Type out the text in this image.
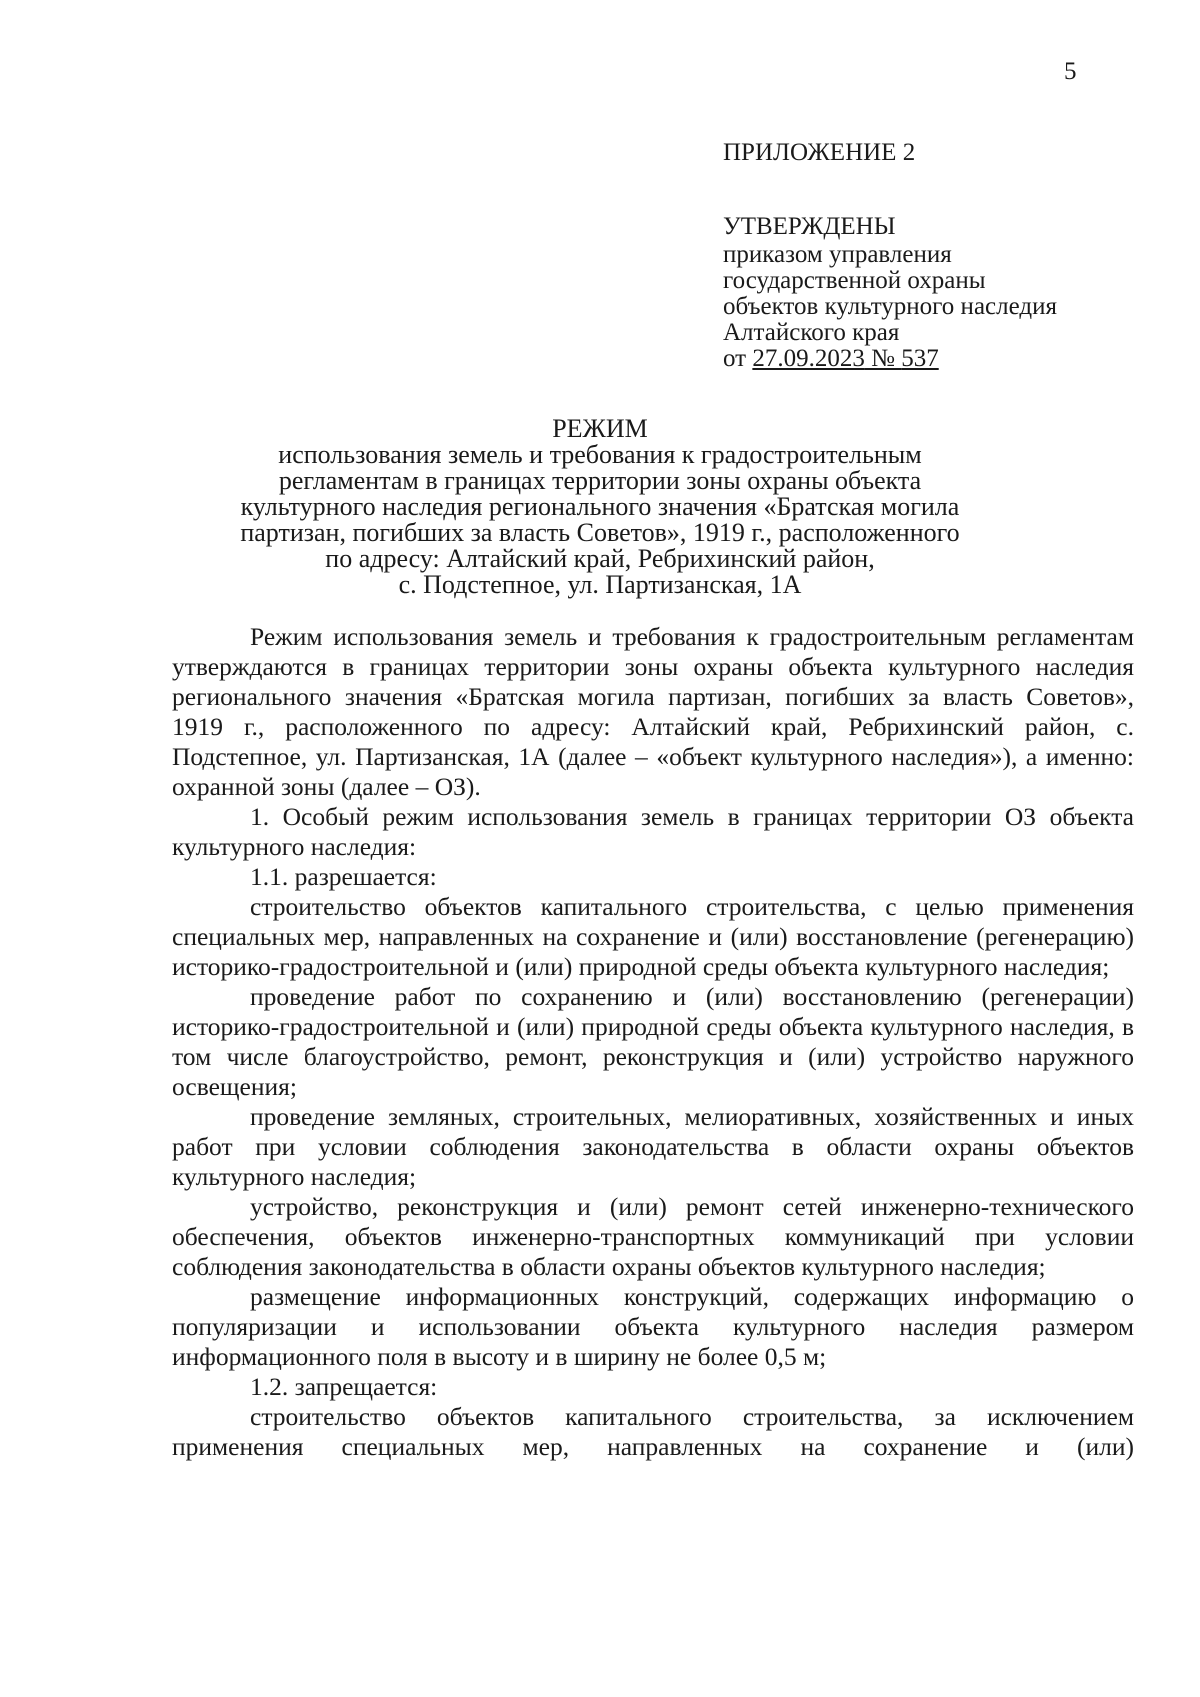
5
ПРИЛОЖЕНИЕ 2
УТВЕРЖДЕНЫ
приказом управления
государственной охраны
объектов культурного наследия
Алтайского края
от 27.09.2023 № 537
РЕЖИМ
использования земель и требования к градостроительным
регламентам в границах территории зоны охраны объекта
культурного наследия регионального значения «Братская могила
партизан, погибших за власть Советов», 1919 г., расположенного
по адресу: Алтайский край, Ребрихинский район,
с. Подстепное, ул. Партизанская, 1А

Режим использования земель и требования к градостроительным регламентам утверждаются в границах территории зоны охраны объекта культурного наследия регионального значения «Братская могила партизан, погибших за власть Советов», 1919 г., расположенного по адресу: Алтайский край, Ребрихинский район, с. Подстепное, ул. Партизанская, 1А (далее – «объект культурного наследия»), а именно: охранной зоны (далее – ОЗ).

1. Особый режим использования земель в границах территории ОЗ объекта культурного наследия:

1.1. разрешается:

строительство объектов капитального строительства, с целью применения специальных мер, направленных на сохранение и (или) восстановление (регенерацию) историко-градостроительной и (или) природной среды объекта культурного наследия;

проведение работ по сохранению и (или) восстановлению (регенерации) историко-градостроительной и (или) природной среды объекта культурного наследия, в том числе благоустройство, ремонт, реконструкция и (или) устройство наружного освещения;

проведение земляных, строительных, мелиоративных, хозяйственных и иных работ при условии соблюдения законодательства в области охраны объектов культурного наследия;

устройство, реконструкция и (или) ремонт сетей инженерно-технического обеспечения, объектов инженерно-транспортных коммуникаций при условии соблюдения законодательства в области охраны объектов культурного наследия;

размещение информационных конструкций, содержащих информацию о популяризации и использовании объекта культурного наследия размером информационного поля в высоту и в ширину не более 0,5 м;

1.2. запрещается:

строительство объектов капитального строительства, за исключением применения специальных мер, направленных на сохранение и (или)
